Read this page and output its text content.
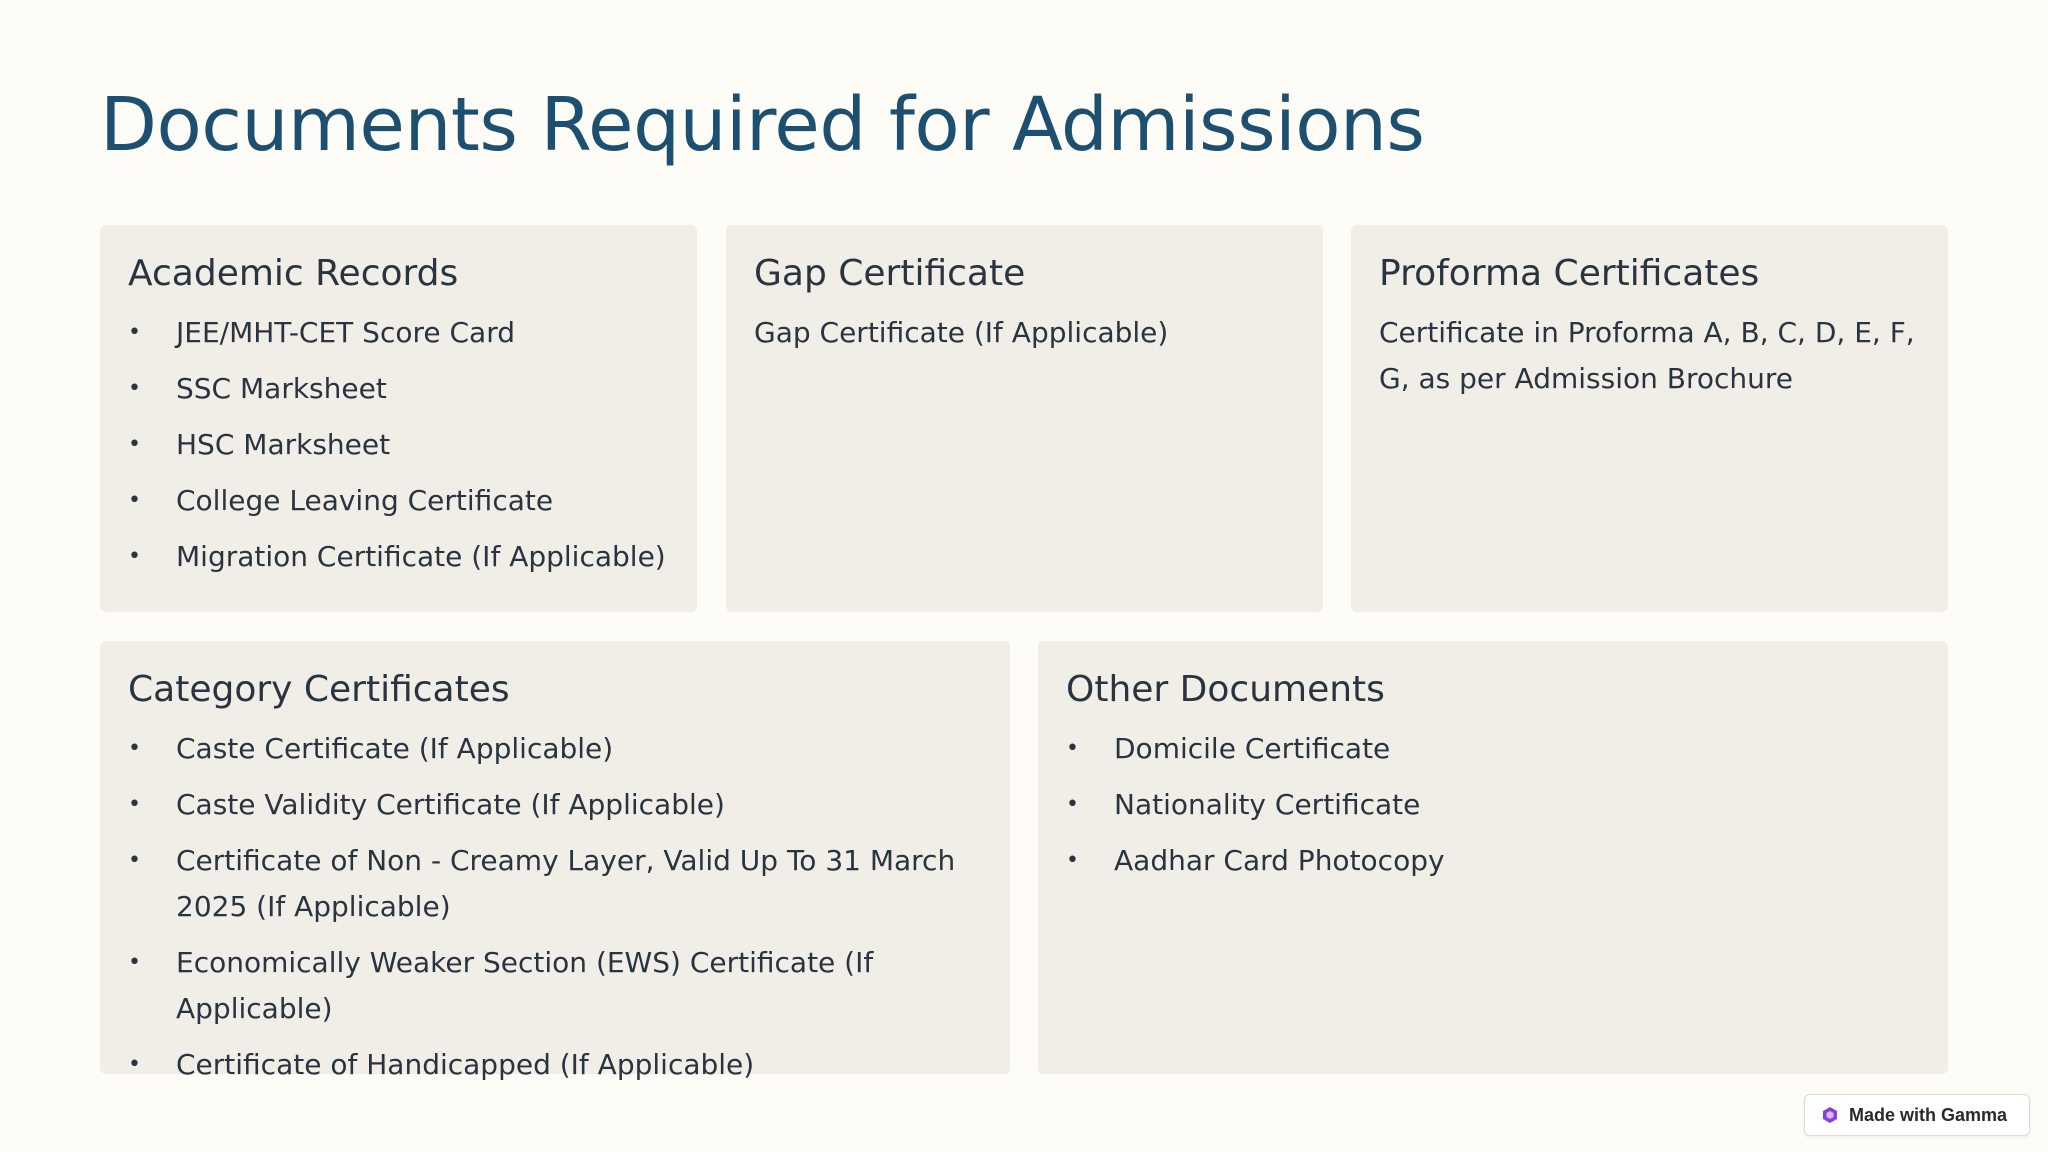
Documents Required for Admissions
Academic Records
• JEE/MHT-CET Score Card
• SSC Marksheet
• HSC Marksheet
• College Leaving Certificate
• Migration Certificate (If Applicable)
Gap Certificate

Gap Certificate (If Applicable)

Proforma Certificates

Certificate in Proforma A, B, C, D, E, F, G, as per Admission Brochure

Category Certificates
• Caste Certificate (If Applicable)
• Caste Validity Certificate (If Applicable)
• Certificate of Non - Creamy Layer, Valid Up To 31 March 2025 (If Applicable)
• Economically Weaker Section (EWS) Certificate (If Applicable)
• Certificate of Handicapped (If Applicable)
Other Documents
• Domicile Certificate
• Nationality Certificate
• Aadhar Card Photocopy
Made with Gamma
